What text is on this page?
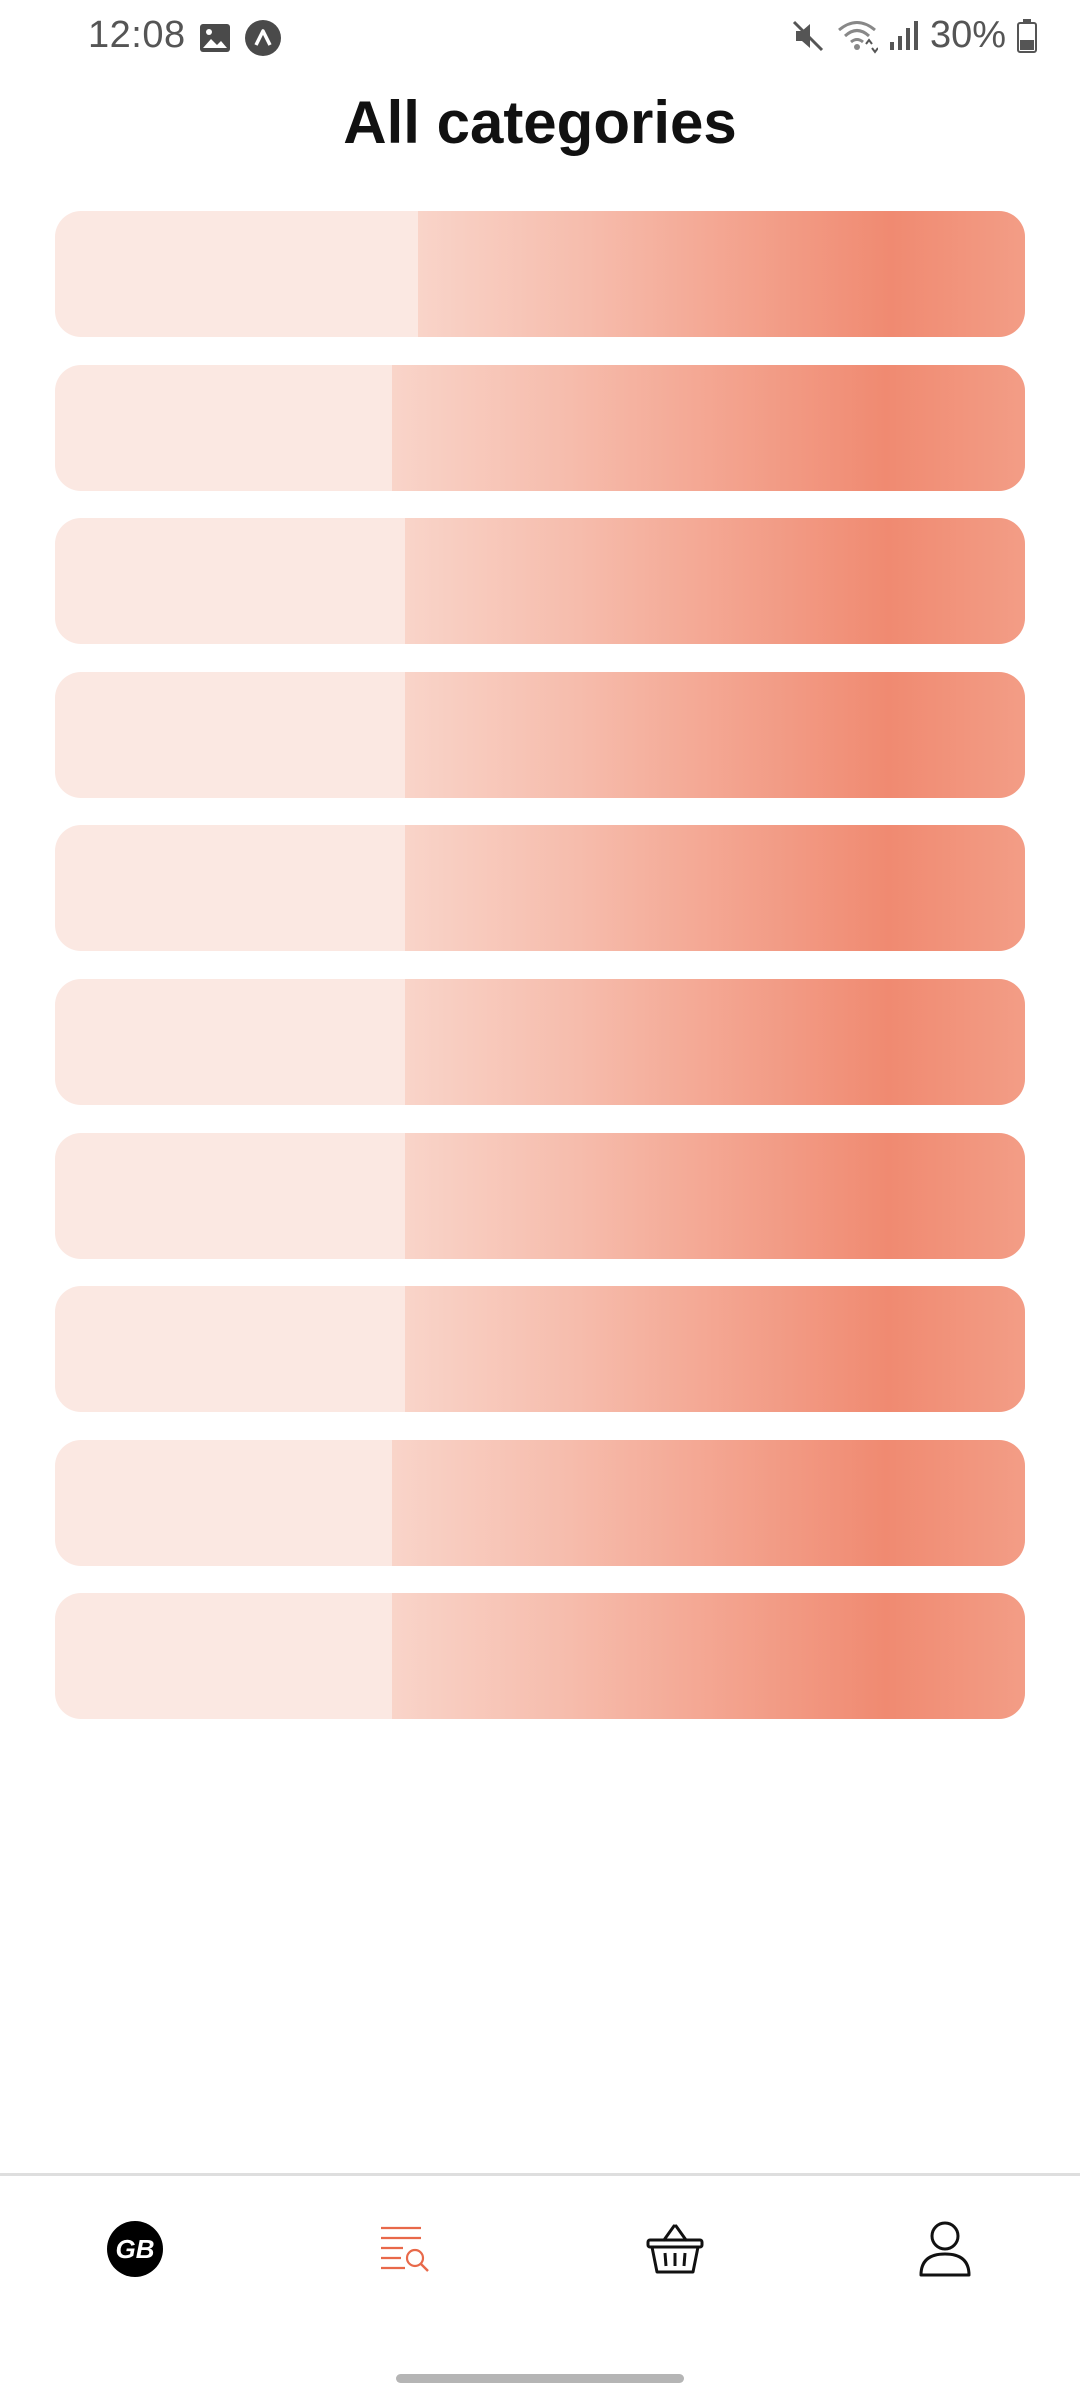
12:08	30%
All categories
GB
